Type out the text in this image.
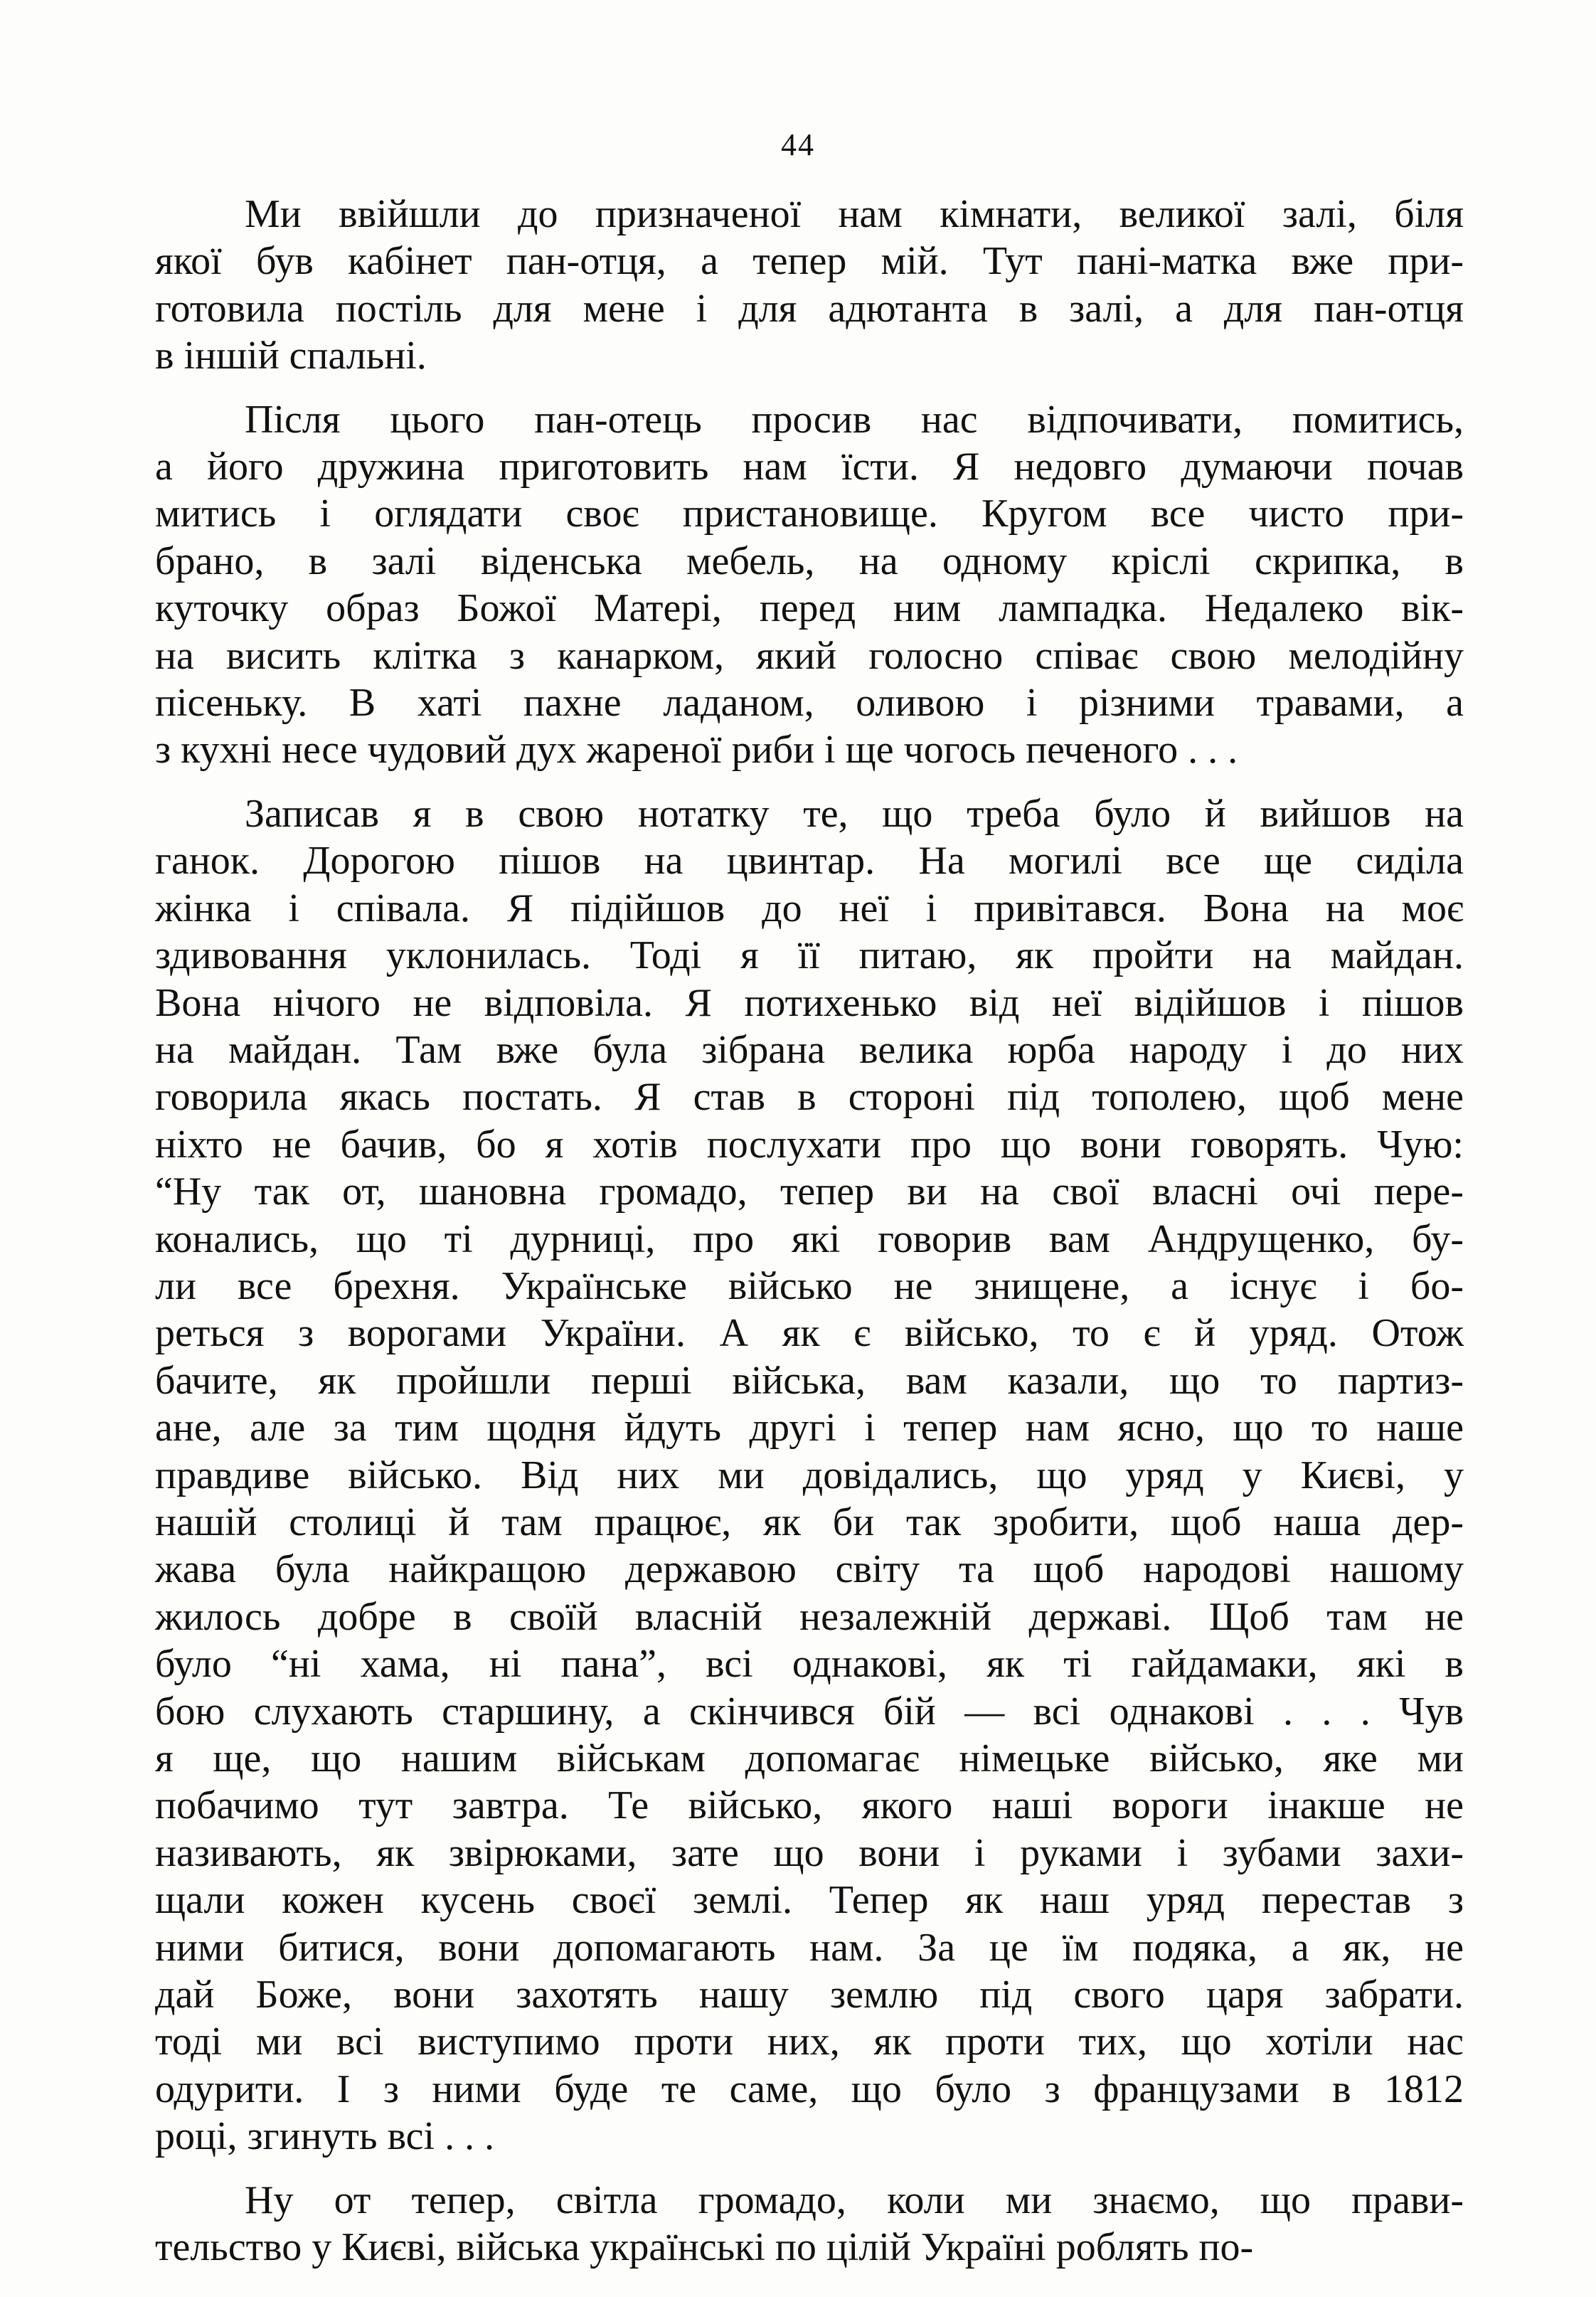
44
Ми ввійшли до призначеної нам кімнати, великої залі, біля
якої був кабінет пан-отця, а тепер мій. Тут пані-матка вже при-
готовила постіль для мене і для адютанта в залі, а для пан-отця
в іншій спальні.
Після цього пан-отець просив нас відпочивати, помитись,
а його дружина приготовить нам їсти. Я недовго думаючи почав
митись і оглядати своє пристановище. Кругом все чисто при-
брано, в залі віденська мебель, на одному кріслі скрипка, в
куточку образ Божої Матері, перед ним лампадка. Недалеко вік-
на висить клітка з канарком, який голосно співає свою мелодійну
пісеньку. В хаті пахне ладаном, оливою і різними травами, а
з кухні несе чудовий дух жареної риби і ще чогось печеного . . .
Записав я в свою нотатку те, що треба було й вийшов на
ганок. Дорогою пішов на цвинтар. На могилі все ще сиділа
жінка і співала. Я підійшов до неї і привітався. Вона на моє
здивовання уклонилась. Тоді я її питаю, як пройти на майдан.
Вона нічого не відповіла. Я потихенько від неї відійшов і пішов
на майдан. Там вже була зібрана велика юрба народу і до них
говорила якась постать. Я став в стороні під тополею, щоб мене
ніхто не бачив, бо я хотів послухати про що вони говорять. Чую:
“Ну так от, шановна громадо, тепер ви на свої власні очі пере-
конались, що ті дурниці, про які говорив вам Андрущенко, бу-
ли все брехня. Українське військо не знищене, а існує і бо-
реться з ворогами України. А як є військо, то є й уряд. Отож
бачите, як пройшли перші війська, вам казали, що то партиз-
ане, але за тим щодня йдуть другі і тепер нам ясно, що то наше
правдиве військо. Від них ми довідались, що уряд у Києві, у
нашій столиці й там працює, як би так зробити, щоб наша дер-
жава була найкращою державою світу та щоб народові нашому
жилось добре в своїй власній незалежній державі. Щоб там не
було “ні хама, ні пана”, всі однакові, як ті гайдамаки, які в
бою слухають старшину, а скінчився бій — всі однакові . . . Чув
я ще, що нашим військам допомагає німецьке військо, яке ми
побачимо тут завтра. Те військо, якого наші вороги інакше не
називають, як звірюками, зате що вони і руками і зубами захи-
щали кожен кусень своєї землі. Тепер як наш уряд перестав з
ними битися, вони допомагають нам. За це їм подяка, а як, не
дай Боже, вони захотять нашу землю під свого царя забрати.
тоді ми всі виступимо проти них, як проти тих, що хотіли нас
одурити. І з ними буде те саме, що було з французами в 1812
році, згинуть всі . . .
Ну от тепер, світла громадо, коли ми знаємо, що прави-
тельство у Києві, війська українські по цілій Україні роблять по-
